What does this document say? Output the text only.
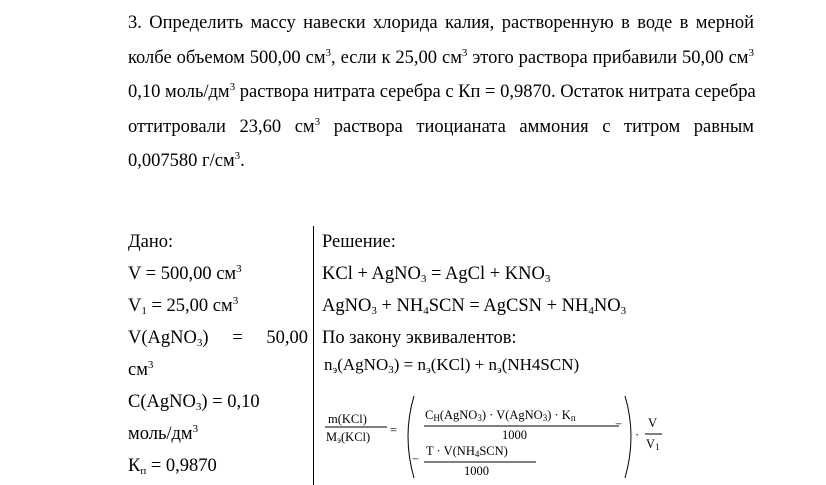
3. Определить массу навески хлорида калия, растворенную в воде в мерной
колбе объемом 500,00 $см^3$, если к 25,00 $см^3$ этого раствора прибавили 50,00 $см^3$
0,10 моль/$дм^3$ раствора нитрата серебра с Кп = 0,9870. Остаток нитрата серебра
оттитровали 23,60 $см^3$ раствора тиоцианата аммония с титром равным
0,007580 $г/см^3$.
Дано:
V = 500,00 $см^3$
$V_1 = 25,00$ $см^3$
V(AgNO$_3$) = 50,00
$см^3$
C(AgNO$_3$) = 0,10
моль/$дм^3$
$К_п = 0,9870$
Решение:
KCl + AgNO$_3$ = AgCl + $KNO_3$
AgNO$_3$ + $NH_4SCN$ = AgCSN + $NH_4NO_3$
По закону эквивалентов:
nэ(AgNO3) = nэ(KCl) + nэ(NH4SCN)
m(KCl)
Mэ(KCl) =
CH(AgNO3) · V(AgNO3) · Kп	−
1000
−
T · V(NH4SCN)
1000
·
V
V1
